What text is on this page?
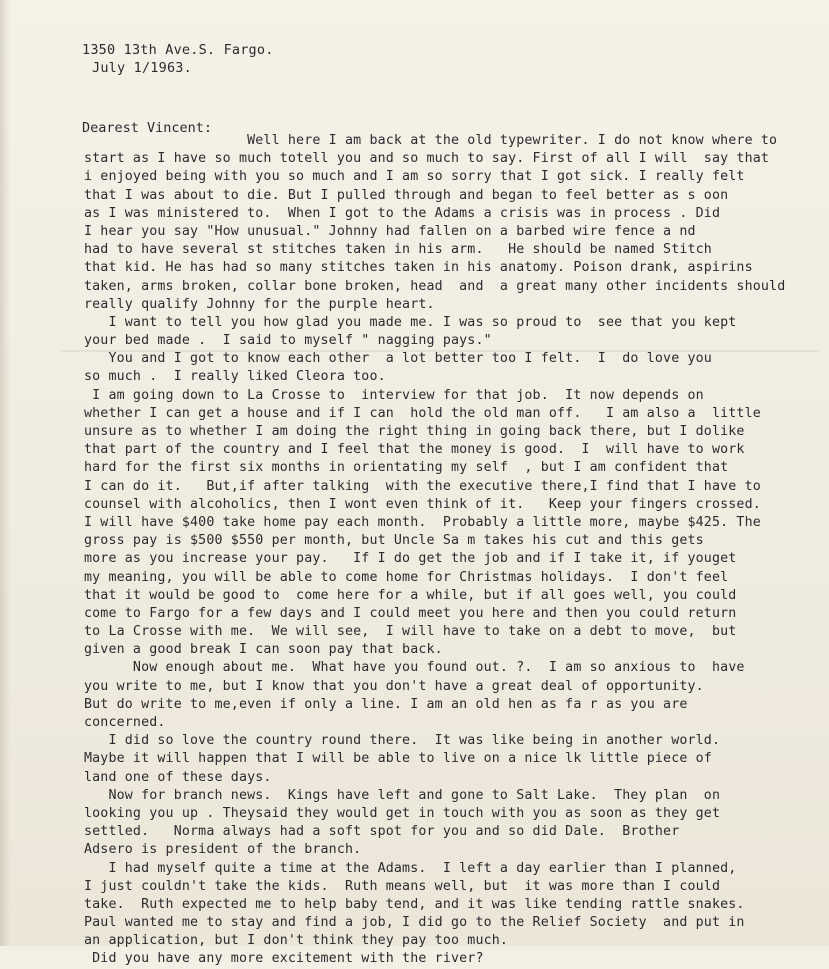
1350 13th Ave.S. Fargo.
July 1/1963.
Dearest Vincent:
Well here I am back at the old typewriter. I do not know where to
start as I have so much totell you and so much to say. First of all I will  say that
i enjoyed being with you so much and I am so sorry that I got sick. I really felt
that I was about to die. But I pulled through and began to feel better as s oon
as I was ministered to.  When I got to the Adams a crisis was in process . Did
I hear you say "How unusual." Johnny had fallen on a barbed wire fence a nd
had to have several st stitches taken in his arm.   He should be named Stitch
that kid. He has had so many stitches taken in his anatomy. Poison drank, aspirins
taken, arms broken, collar bone broken, head  and  a great many other incidents should
really qualify Johnny for the purple heart.
I want to tell you how glad you made me. I was so proud to  see that you kept
your bed made .  I said to myself " nagging pays."
You and I got to know each other  a lot better too I felt.  I  do love you
so much .  I really liked Cleora too.
I am going down to La Crosse to  interview for that job.  It now depends on
whether I can get a house and if I can  hold the old man off.   I am also a  little
unsure as to whether I am doing the right thing in going back there, but I dolike
that part of the country and I feel that the money is good.  I  will have to work
hard for the first six months in orientating my self  , but I am confident that
I can do it.   But,if after talking  with the executive there,I find that I have to
counsel with alcoholics, then I wont even think of it.   Keep your fingers crossed.
I will have $400 take home pay each month.  Probably a little more, maybe $425. The
gross pay is $500 $550 per month, but Uncle Sa m takes his cut and this gets
more as you increase your pay.   If I do get the job and if I take it, if youget
my meaning, you will be able to come home for Christmas holidays.  I don't feel
that it would be good to  come here for a while, but if all goes well, you could
come to Fargo for a few days and I could meet you here and then you could return
to La Crosse with me.  We will see,  I will have to take on a debt to move,  but
given a good break I can soon pay that back.
Now enough about me.  What have you found out. ?.  I am so anxious to  have
you write to me, but I know that you don't have a great deal of opportunity.
But do write to me,even if only a line. I am an old hen as fa r as you are
concerned.
I did so love the country round there.  It was like being in another world.
Maybe it will happen that I will be able to live on a nice lk little piece of
land one of these days.
Now for branch news.  Kings have left and gone to Salt Lake.  They plan  on
looking you up . Theysaid they would get in touch with you as soon as they get
settled.   Norma always had a soft spot for you and so did Dale.  Brother
Adsero is president of the branch.
I had myself quite a time at the Adams.  I left a day earlier than I planned,
I just couldn't take the kids.  Ruth means well, but  it was more than I could
take.  Ruth expected me to help baby tend, and it was like tending rattle snakes.
Paul wanted me to stay and find a job, I did go to the Relief Society  and put in
an application, but I don't think they pay too much.
Did you have any more excitement with the river?
